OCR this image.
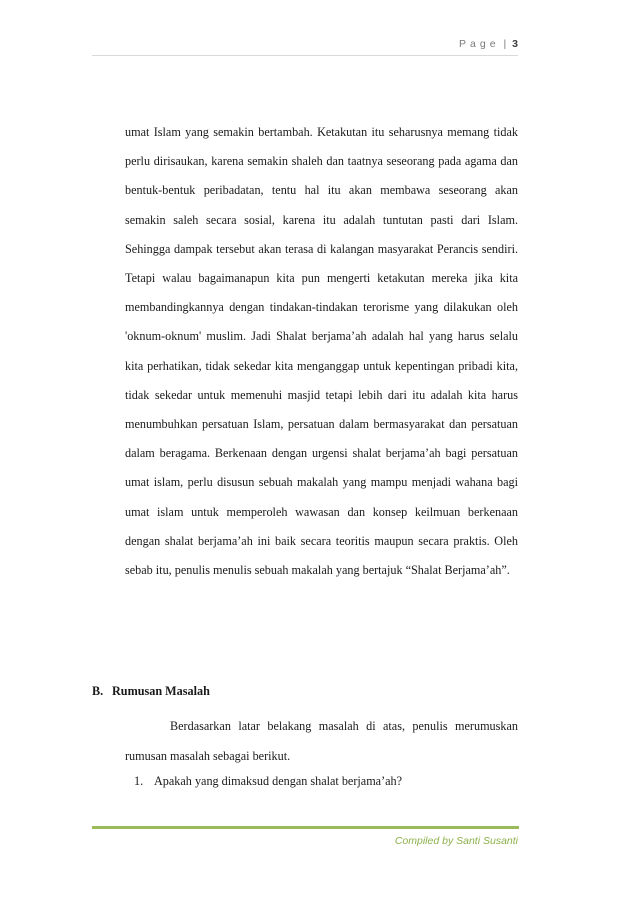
Page | 3

umat Islam yang semakin bertambah. Ketakutan itu seharusnya memang tidak perlu dirisaukan, karena semakin shaleh dan taatnya seseorang pada agama dan bentuk-bentuk peribadatan, tentu hal itu akan membawa seseorang akan semakin saleh secara sosial, karena itu adalah tuntutan pasti dari Islam. Sehingga dampak tersebut akan terasa di kalangan masyarakat Perancis sendiri. Tetapi walau bagaimanapun kita pun mengerti ketakutan mereka jika kita membandingkannya dengan tindakan-tindakan terorisme yang dilakukan oleh 'oknum-oknum' muslim. Jadi Shalat berjama’ah adalah hal yang harus selalu kita perhatikan, tidak sekedar kita menganggap untuk kepentingan pribadi kita, tidak sekedar untuk memenuhi masjid tetapi lebih dari itu adalah kita harus menumbuhkan persatuan Islam, persatuan dalam bermasyarakat dan persatuan dalam beragama. Berkenaan dengan urgensi shalat berjama’ah bagi persatuan umat islam, perlu disusun sebuah makalah yang mampu menjadi wahana bagi umat islam untuk memperoleh wawasan dan konsep keilmuan berkenaan dengan shalat berjama’ah ini baik secara teoritis maupun secara praktis. Oleh sebab itu, penulis menulis sebuah makalah yang bertajuk “Shalat Berjama’ah”.

B. Rumusan Masalah

Berdasarkan latar belakang masalah di atas, penulis merumuskan rumusan masalah sebagai berikut.

1. Apakah yang dimaksud dengan shalat berjama’ah?
Compiled by Santi Susanti
